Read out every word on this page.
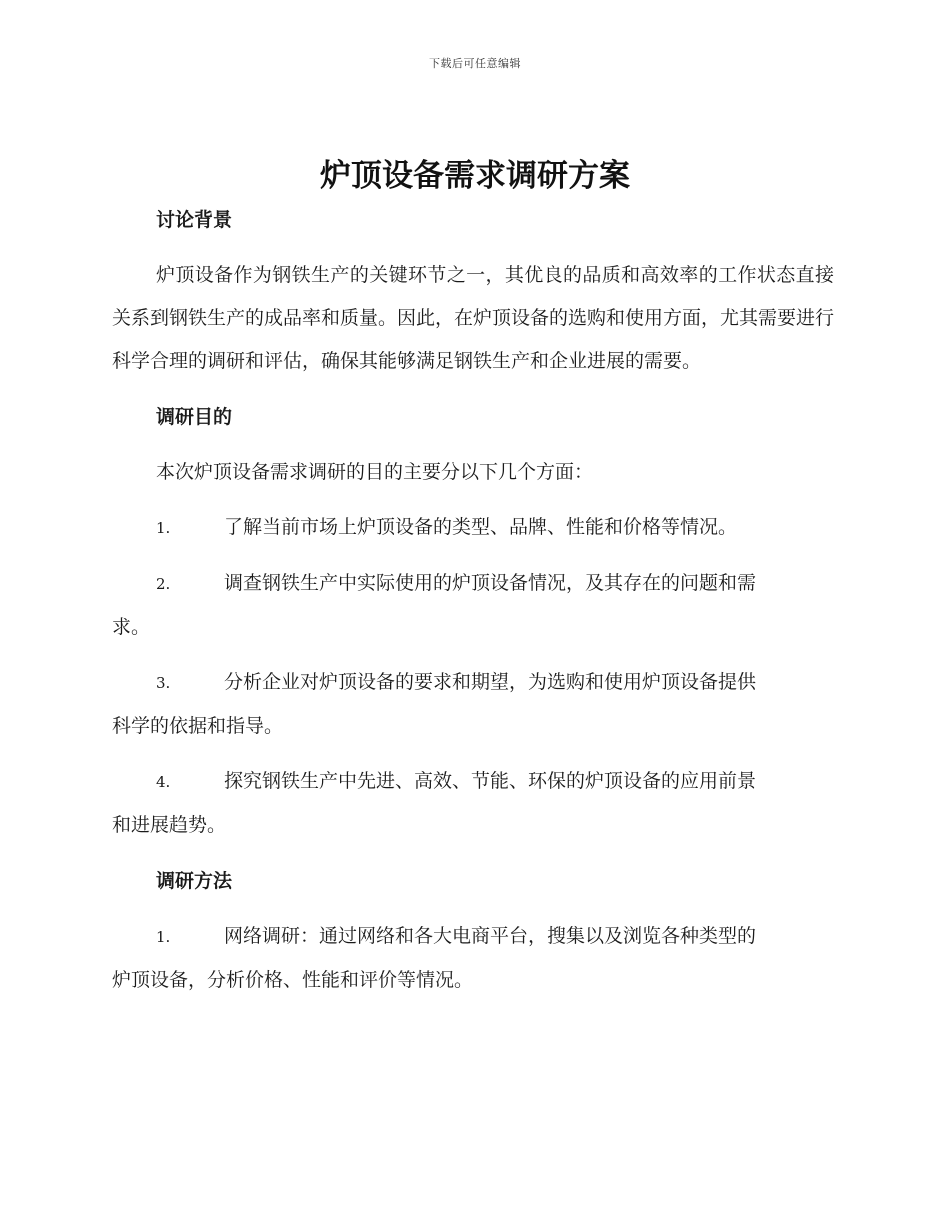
下载后可任意编辑
炉顶设备需求调研方案
讨论背景

炉顶设备作为钢铁生产的关键环节之一，其优良的品质和高效率的工作状态直接关系到钢铁生产的成品率和质量。因此，在炉顶设备的选购和使用方面，尤其需要进行科学合理的调研和评估，确保其能够满足钢铁生产和企业进展的需要。

调研目的

本次炉顶设备需求调研的目的主要分以下几个方面：

1.	了解当前市场上炉顶设备的类型、品牌、性能和价格等情况。
2.	调查钢铁生产中实际使用的炉顶设备情况，及其存在的问题和需
求。
3.	分析企业对炉顶设备的要求和期望，为选购和使用炉顶设备提供
科学的依据和指导。
4.	探究钢铁生产中先进、高效、节能、环保的炉顶设备的应用前景
和进展趋势。
调研方法
1.	网络调研：通过网络和各大电商平台，搜集以及浏览各种类型的
炉顶设备，分析价格、性能和评价等情况。
